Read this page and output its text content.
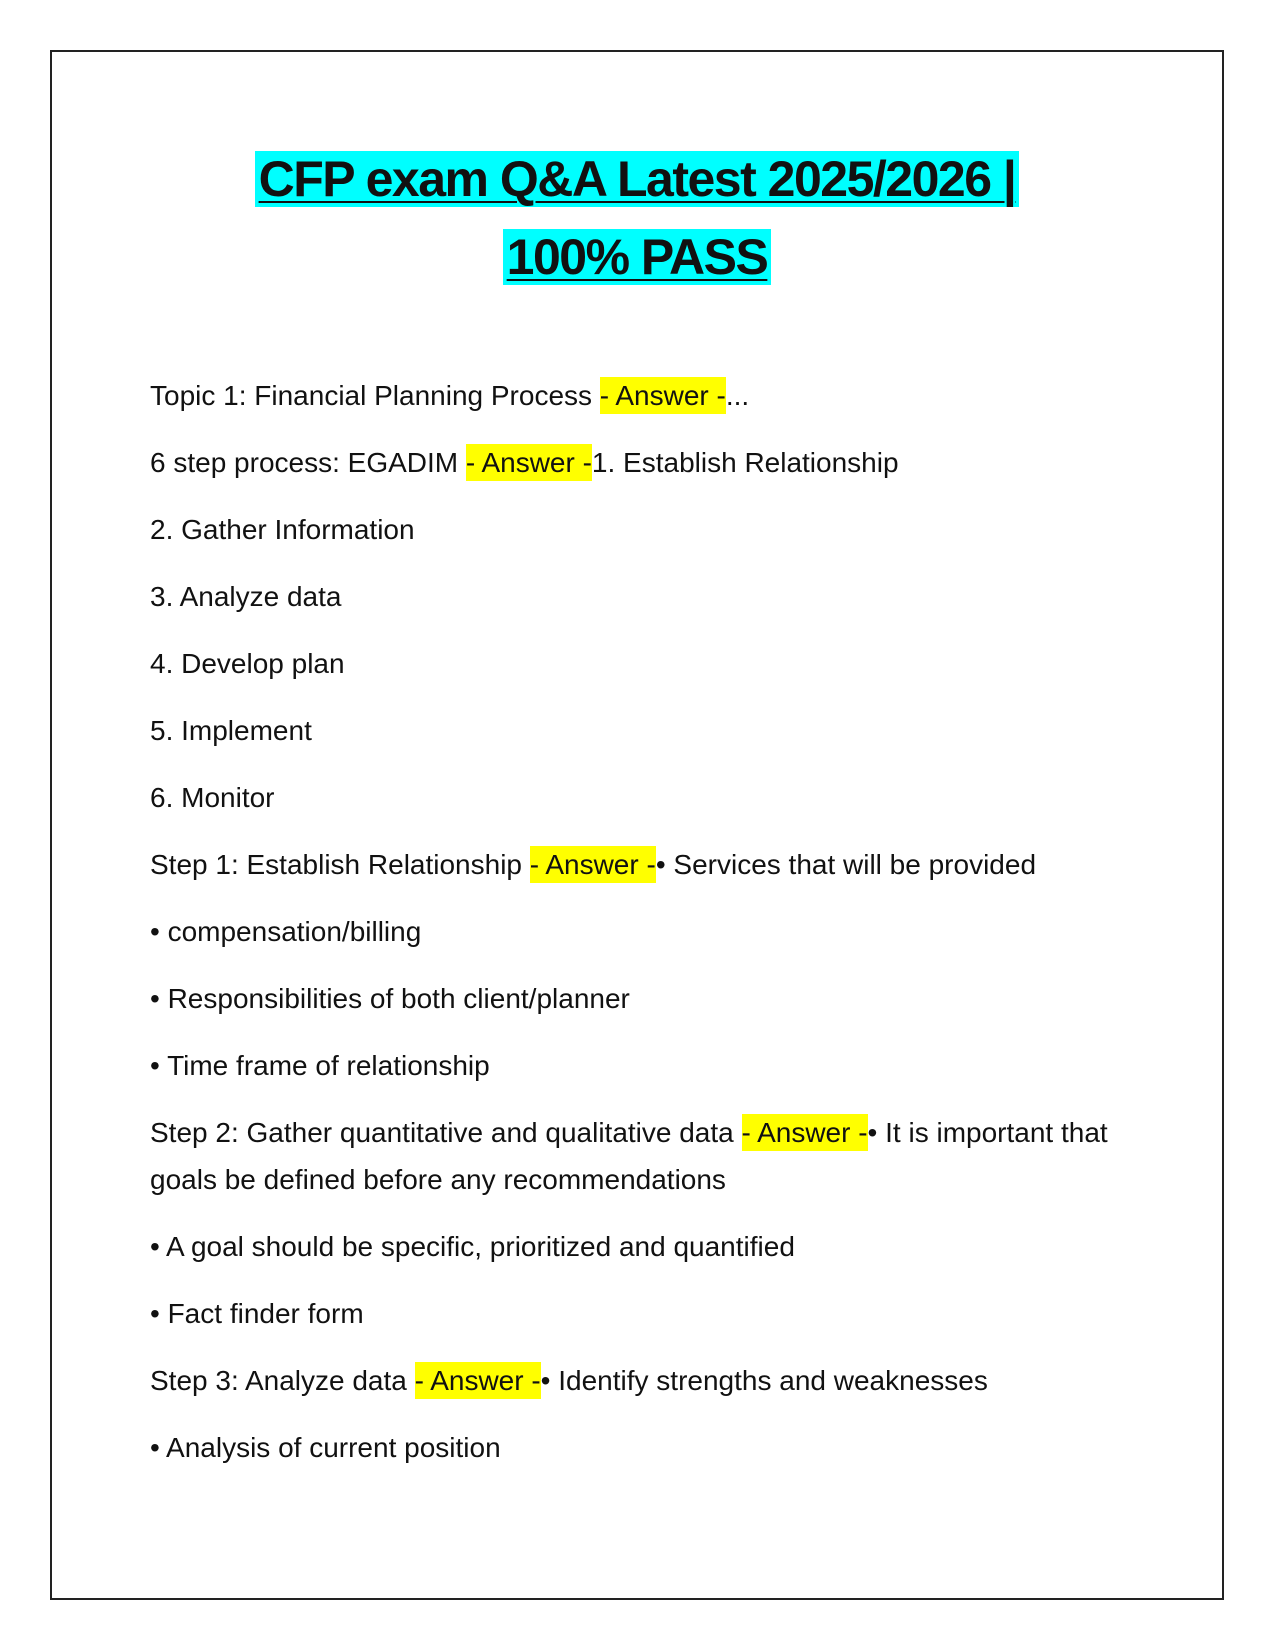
CFP exam Q&A Latest 2025/2026 |
100% PASS
Topic 1: Financial Planning Process - Answer -...
6 step process: EGADIM - Answer -1. Establish Relationship
2. Gather Information
3. Analyze data
4. Develop plan
5. Implement
6. Monitor
Step 1: Establish Relationship - Answer -• Services that will be provided
• compensation/billing
• Responsibilities of both client/planner
• Time frame of relationship
Step 2: Gather quantitative and qualitative data - Answer -• It is important that goals be defined before any recommendations
• A goal should be specific, prioritized and quantified
• Fact finder form
Step 3: Analyze data - Answer -• Identify strengths and weaknesses
• Analysis of current position
